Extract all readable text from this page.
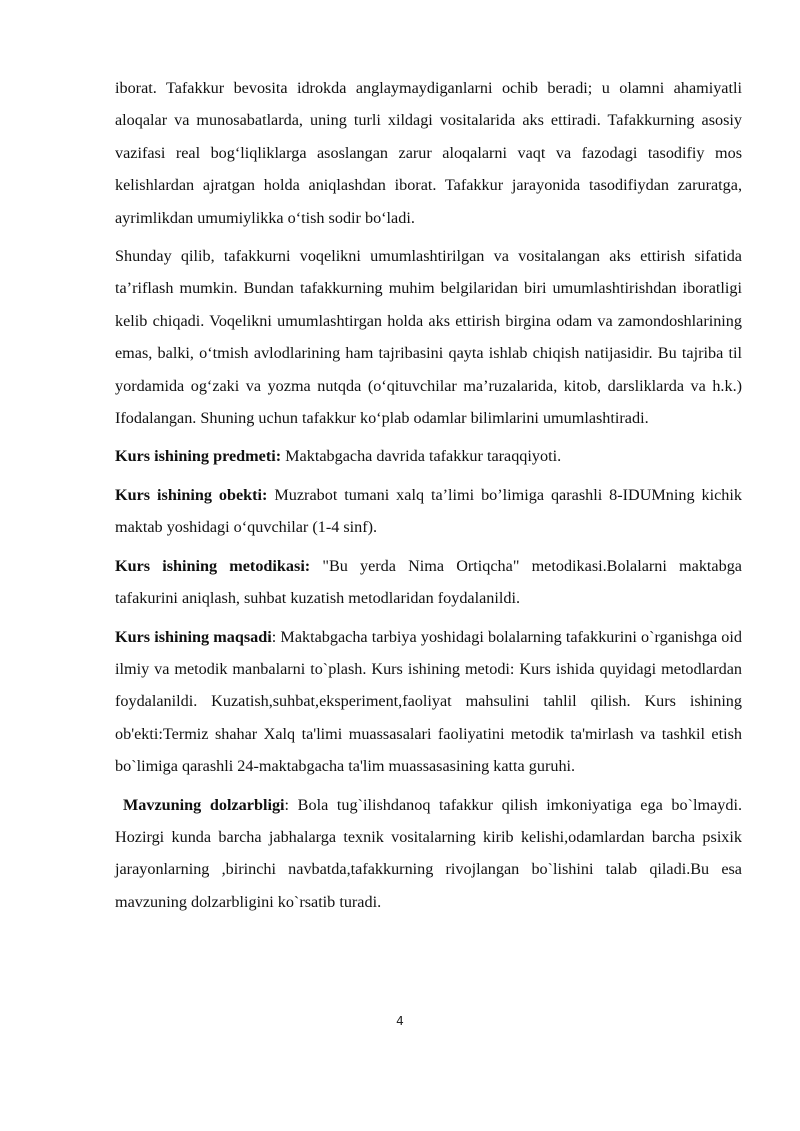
iborat. Tafakkur bevosita idrokda anglaymaydiganlarni ochib beradi; u olamni ahamiyatli aloqalar va munosabatlarda, uning turli xildagi vositalarida aks ettiradi. Tafakkurning asosiy vazifasi real bog‘liqliklarga asoslangan zarur aloqalarni vaqt va fazodagi tasodifiy mos kelishlardan ajratgan holda aniqlashdan iborat. Tafakkur jarayonida tasodifiydan zaruratga, ayrimlikdan umumiylikka o‘tish sodir bo‘ladi.

Shunday qilib, tafakkurni voqelikni umumlashtirilgan va vositalangan aks ettirish sifatida ta’riflash mumkin. Bundan tafakkurning muhim belgilaridan biri umumlashtirishdan iboratligi kelib chiqadi. Voqelikni umumlashtirgan holda aks ettirish birgina odam va zamondoshlarining emas, balki, o‘tmish avlodlarining ham tajribasini qayta ishlab chiqish natijasidir. Bu tajriba til yordamida og‘zaki va yozma nutqda (o‘qituvchilar ma’ruzalarida, kitob, darsliklarda va h.k.) Ifodalangan. Shuning uchun tafakkur ko‘plab odamlar bilimlarini umumlashtiradi.

Kurs ishining predmeti: Maktabgacha davrida tafakkur taraqqiyoti.

Kurs ishining obekti: Muzrabot tumani xalq ta’limi bo’limiga qarashli 8-IDUMning kichik maktab yoshidagi o‘quvchilar (1-4 sinf).

Kurs ishining metodikasi: "Bu yerda Nima Ortiqcha" metodikasi.Bolalarni maktabga tafakurini aniqlash, suhbat kuzatish metodlaridan foydalanildi.

Kurs ishining maqsadi: Maktabgacha tarbiya yoshidagi bolalarning tafakkurini o`rganishga oid ilmiy va metodik manbalarni to`plash. Kurs ishining metodi: Kurs ishida quyidagi metodlardan foydalanildi. Kuzatish,suhbat,eksperiment,faoliyat mahsulini tahlil qilish. Kurs ishining ob'ekti:Termiz shahar Xalq ta'limi muassasalari faoliyatini metodik ta'mirlash va tashkil etish bo`limiga qarashli 24-maktabgacha ta'lim muassasasining katta guruhi.

Mavzuning dolzarbligi: Bola tug`ilishdanoq tafakkur qilish imkoniyatiga ega bo`lmaydi. Hozirgi kunda barcha jabhalarga texnik vositalarning kirib kelishi,odamlardan barcha psixik jarayonlarning ,birinchi navbatda,tafakkurning rivojlangan bo`lishini talab qiladi.Bu esa mavzuning dolzarbligini ko`rsatib turadi.

4
